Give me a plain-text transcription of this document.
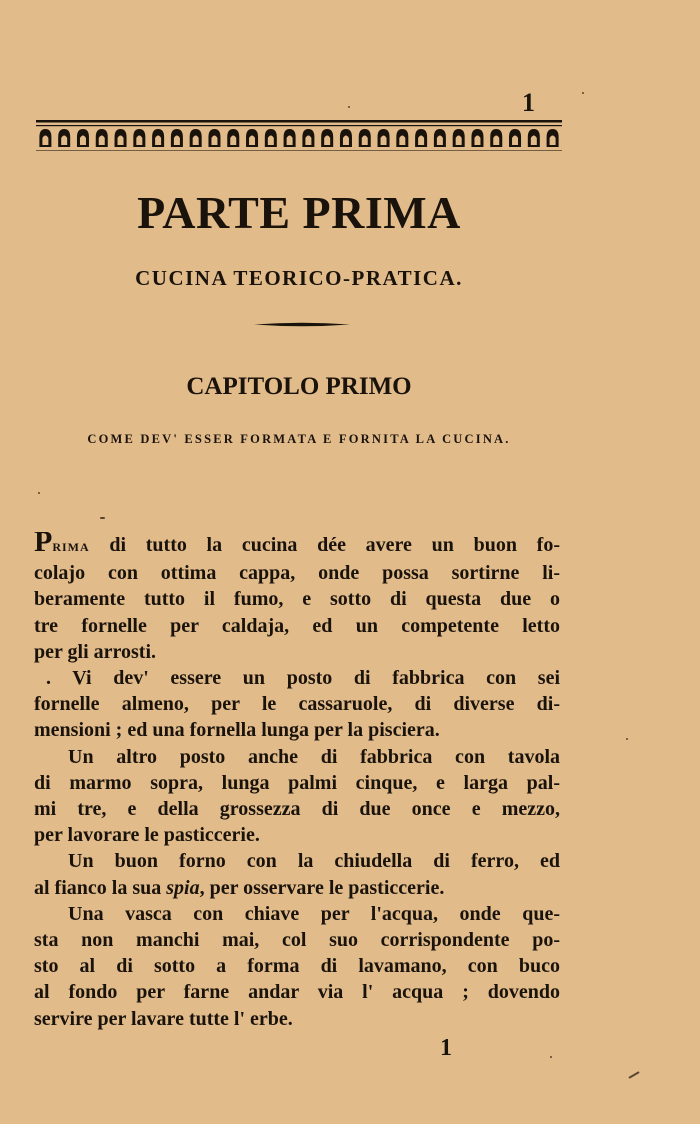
1
PARTE PRIMA
CUCINA TEORICO-PRATICA.
CAPITOLO PRIMO
COME DEV' ESSER FORMATA E FORNITA LA CUCINA.
PRIMA di tutto la cucina dée avere un buon fo-
colajo con ottima cappa, onde possa sortirne li-
beramente tutto il fumo, e sotto di questa due o
tre fornelle per caldaja, ed un competente letto
per gli arrosti.
. Vi dev' essere un posto di fabbrica con sei
fornelle almeno, per le cassaruole, di diverse di-
mensioni ; ed una fornella lunga per la pisciera.
Un altro posto anche di fabbrica con tavola
di marmo sopra, lunga palmi cinque, e larga pal-
mi tre, e della grossezza di due once e mezzo,
per lavorare le pasticcerie.
Un buon forno con la chiudella di ferro, ed
al fianco la sua spia, per osservare le pasticcerie.
Una vasca con chiave per l'acqua, onde que-
sta non manchi mai, col suo corrispondente po-
sto al di sotto a forma di lavamano, con buco
al fondo per farne andar via l' acqua ; dovendo
servire per lavare tutte l' erbe.
1
